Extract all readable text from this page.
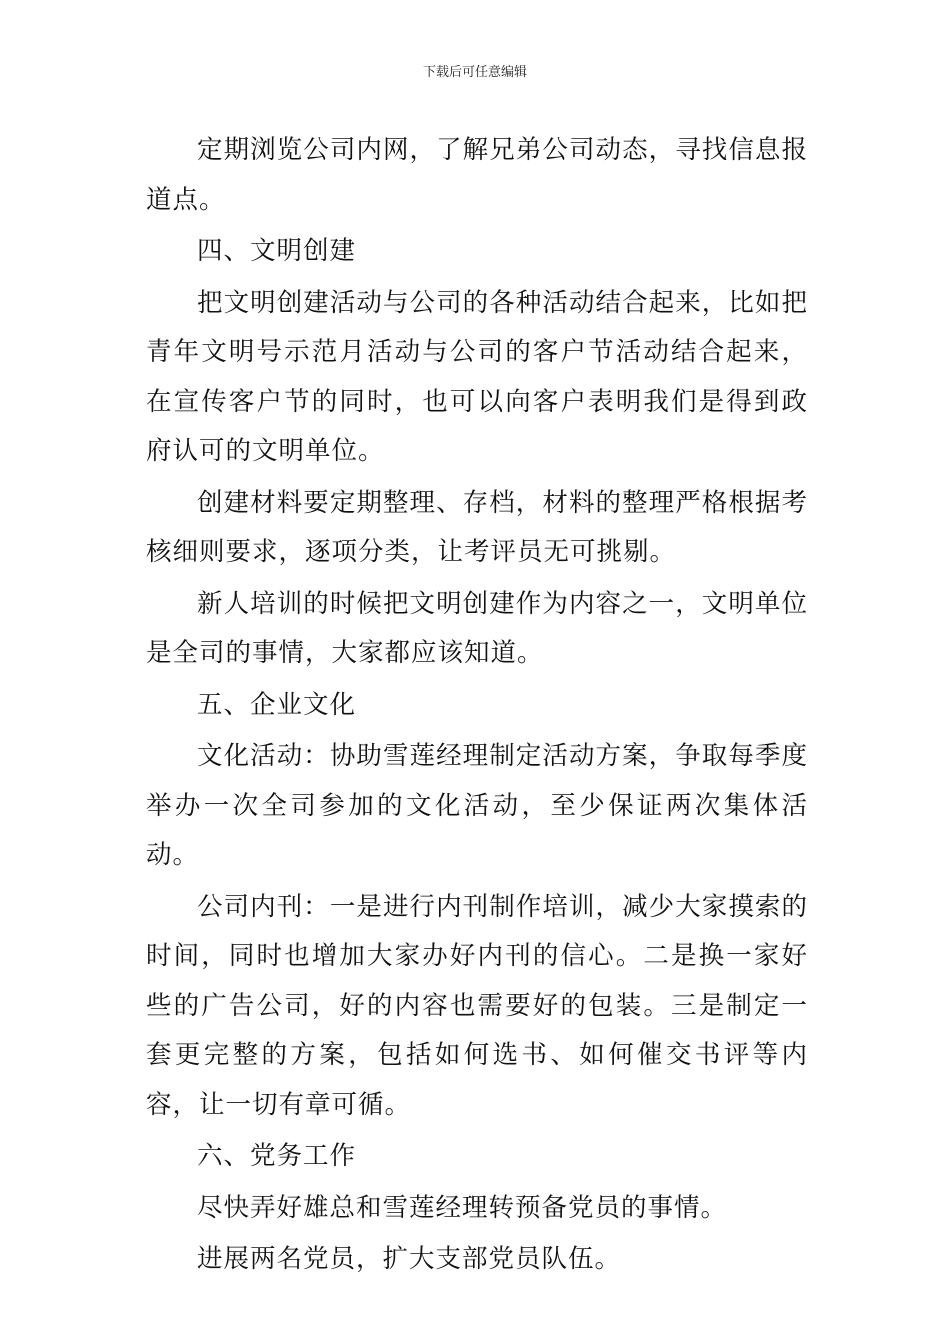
下载后可任意编辑

定期浏览公司内网，了解兄弟公司动态，寻找信息报道点。

四、文明创建

把文明创建活动与公司的各种活动结合起来，比如把青年文明号示范月活动与公司的客户节活动结合起来，在宣传客户节的同时，也可以向客户表明我们是得到政府认可的文明单位。

创建材料要定期整理、存档，材料的整理严格根据考核细则要求，逐项分类，让考评员无可挑剔。

新人培训的时候把文明创建作为内容之一，文明单位是全司的事情，大家都应该知道。

五、企业文化

文化活动：协助雪莲经理制定活动方案，争取每季度举办一次全司参加的文化活动，至少保证两次集体活动。

公司内刊：一是进行内刊制作培训，减少大家摸索的时间，同时也增加大家办好内刊的信心。二是换一家好些的广告公司，好的内容也需要好的包装。三是制定一套更完整的方案，包括如何选书、如何催交书评等内容，让一切有章可循。

六、党务工作

尽快弄好雄总和雪莲经理转预备党员的事情。

进展两名党员，扩大支部党员队伍。
